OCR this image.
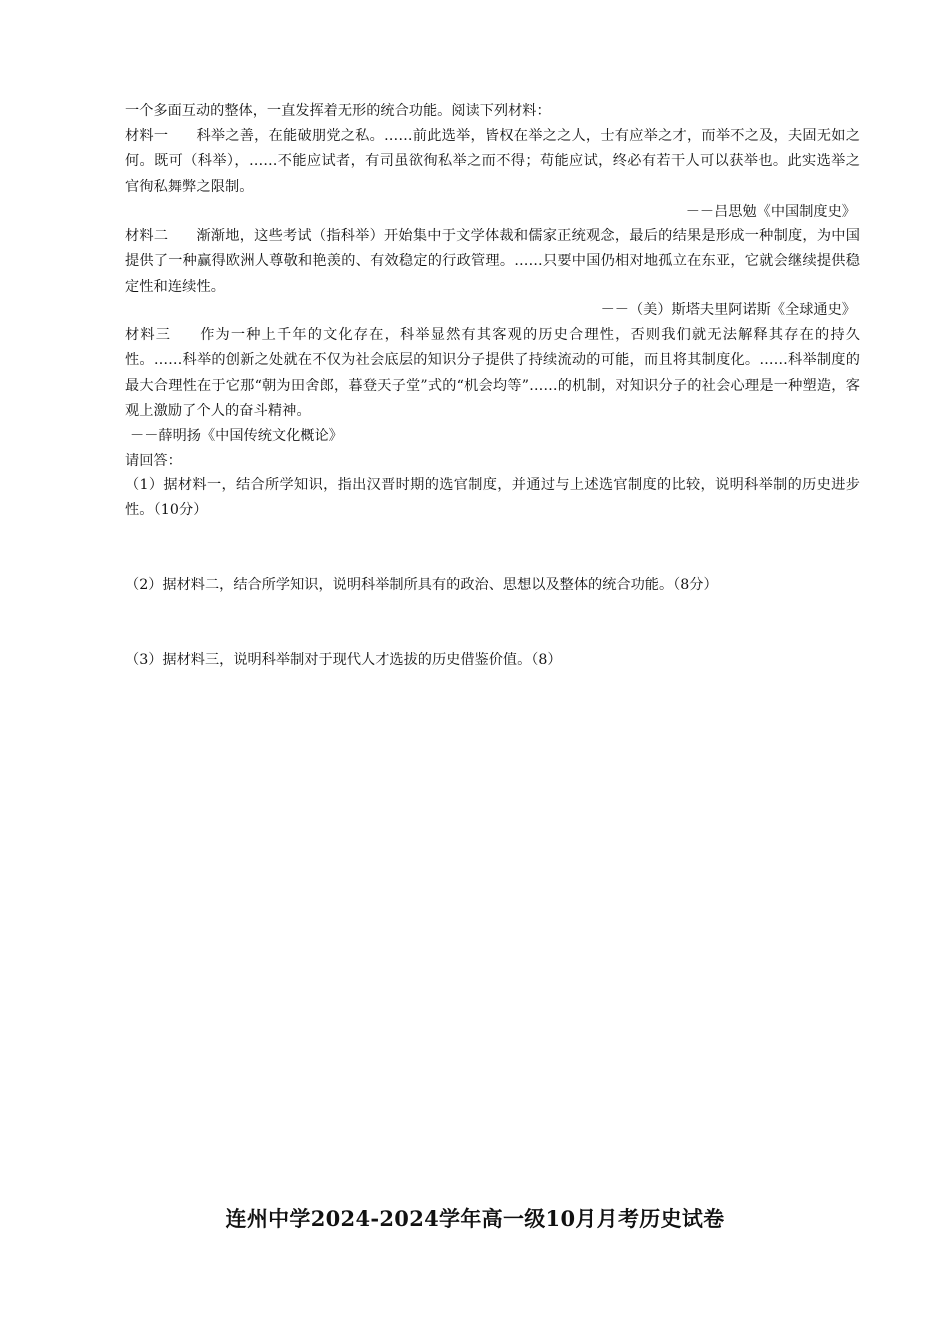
一个多面互动的整体，一直发挥着无形的统合功能。阅读下列材料：
材料一 科举之善，在能破朋党之私。……前此选举，皆权在举之之人，士有应举之才，而举不之及，夫固无如之何。既可（科举），……不能应试者，有司虽欲徇私举之而不得；苟能应试，终必有若干人可以获举也。此实选举之官徇私舞弊之限制。
－－吕思勉《中国制度史》
材料二 渐渐地，这些考试（指科举）开始集中于文学体裁和儒家正统观念，最后的结果是形成一种制度，为中国提供了一种赢得欧洲人尊敬和艳羡的、有效稳定的行政管理。……只要中国仍相对地孤立在东亚，它就会继续提供稳定性和连续性。
－－（美）斯塔夫里阿诺斯《全球通史》
材料三 作为一种上千年的文化存在，科举显然有其客观的历史合理性，否则我们就无法解释其存在的持久性。……科举的创新之处就在不仅为社会底层的知识分子提供了持续流动的可能，而且将其制度化。……科举制度的最大合理性在于它那“朝为田舍郎，暮登天子堂”式的“机会均等”……的机制，对知识分子的社会心理是一种塑造，客观上激励了个人的奋斗精神。
－－薛明扬《中国传统文化概论》
请回答：
（1）据材料一，结合所学知识，指出汉晋时期的选官制度，并通过与上述选官制度的比较，说明科举制的历史进步性。（10分）
（2）据材料二，结合所学知识，说明科举制所具有的政治、思想以及整体的统合功能。（8分）
（3）据材料三，说明科举制对于现代人才选拔的历史借鉴价值。（8）
连州中学2024-2024学年高一级10月月考历史试卷
